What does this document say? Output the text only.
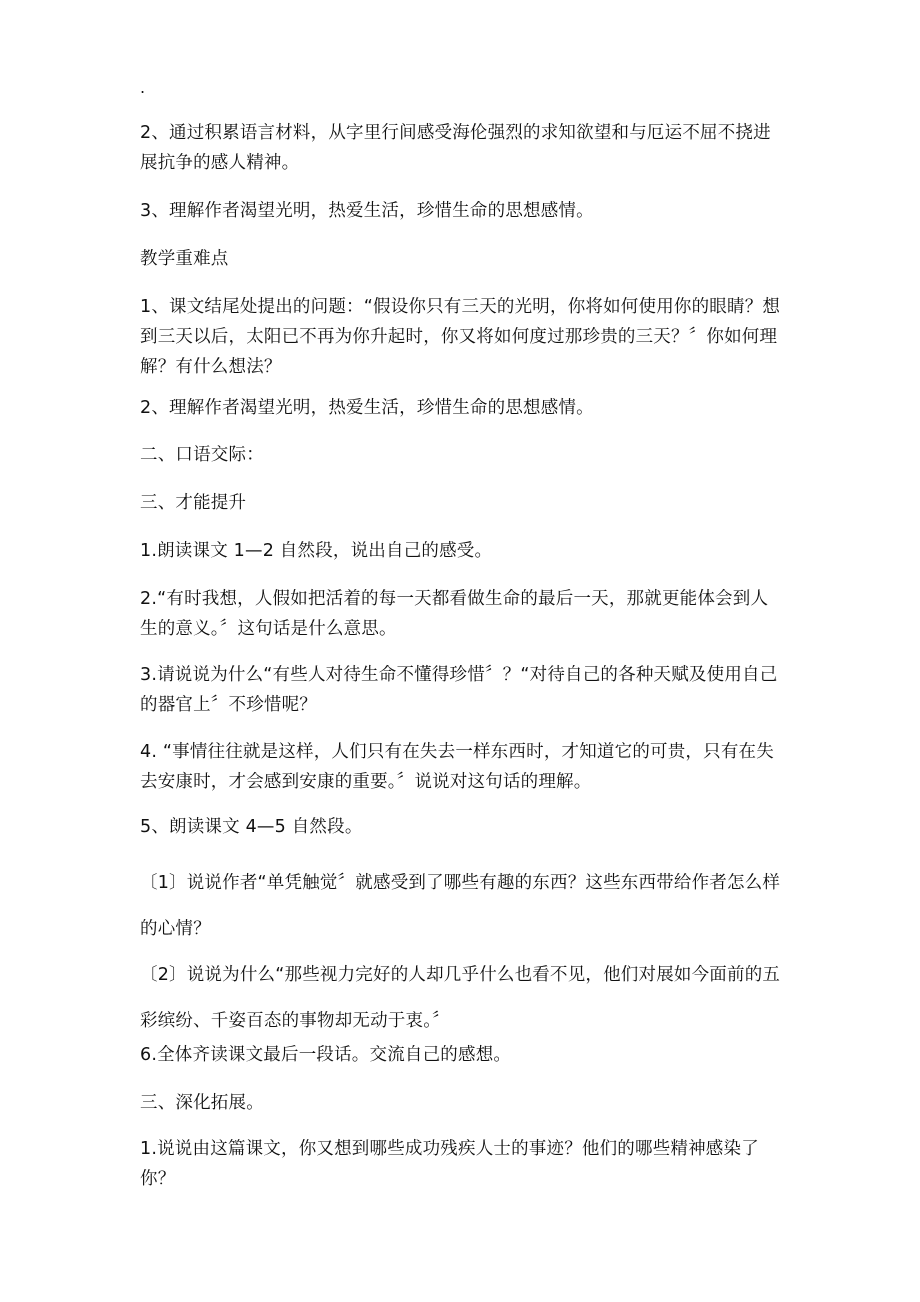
.

2、通过积累语言材料，从字里行间感受海伦强烈的求知欲望和与厄运不屈不挠进展抗争的感人精神。

3、理解作者渴望光明，热爱生活，珍惜生命的思想感情。

教学重难点

1、课文结尾处提出的问题：“假设你只有三天的光明，你将如何使用你的眼睛？想到三天以后，太阳已不再为你升起时，你又将如何度过那珍贵的三天？〞你如何理解？有什么想法？

2、理解作者渴望光明，热爱生活，珍惜生命的思想感情。

二、口语交际：

三、才能提升

1.朗读课文 1—2 自然段，说出自己的感受。

2.“有时我想，人假如把活着的每一天都看做生命的最后一天，那就更能体会到人生的意义。〞这句话是什么意思。

3.请说说为什么“有些人对待生命不懂得珍惜〞？“对待自己的各种天赋及使用自己的器官上〞不珍惜呢？

4. “事情往往就是这样，人们只有在失去一样东西时，才知道它的可贵，只有在失去安康时，才会感到安康的重要。〞说说对这句话的理解。

5、朗读课文 4—5 自然段。

〔1〕说说作者“单凭触觉〞就感受到了哪些有趣的东西？这些东西带给作者怎么样的心情？

〔2〕说说为什么“那些视力完好的人却几乎什么也看不见，他们对展如今面前的五彩缤纷、千姿百态的事物却无动于衷。〞

6.全体齐读课文最后一段话。交流自己的感想。

三、深化拓展。

1.说说由这篇课文，你又想到哪些成功残疾人士的事迹？他们的哪些精神感染了你？
